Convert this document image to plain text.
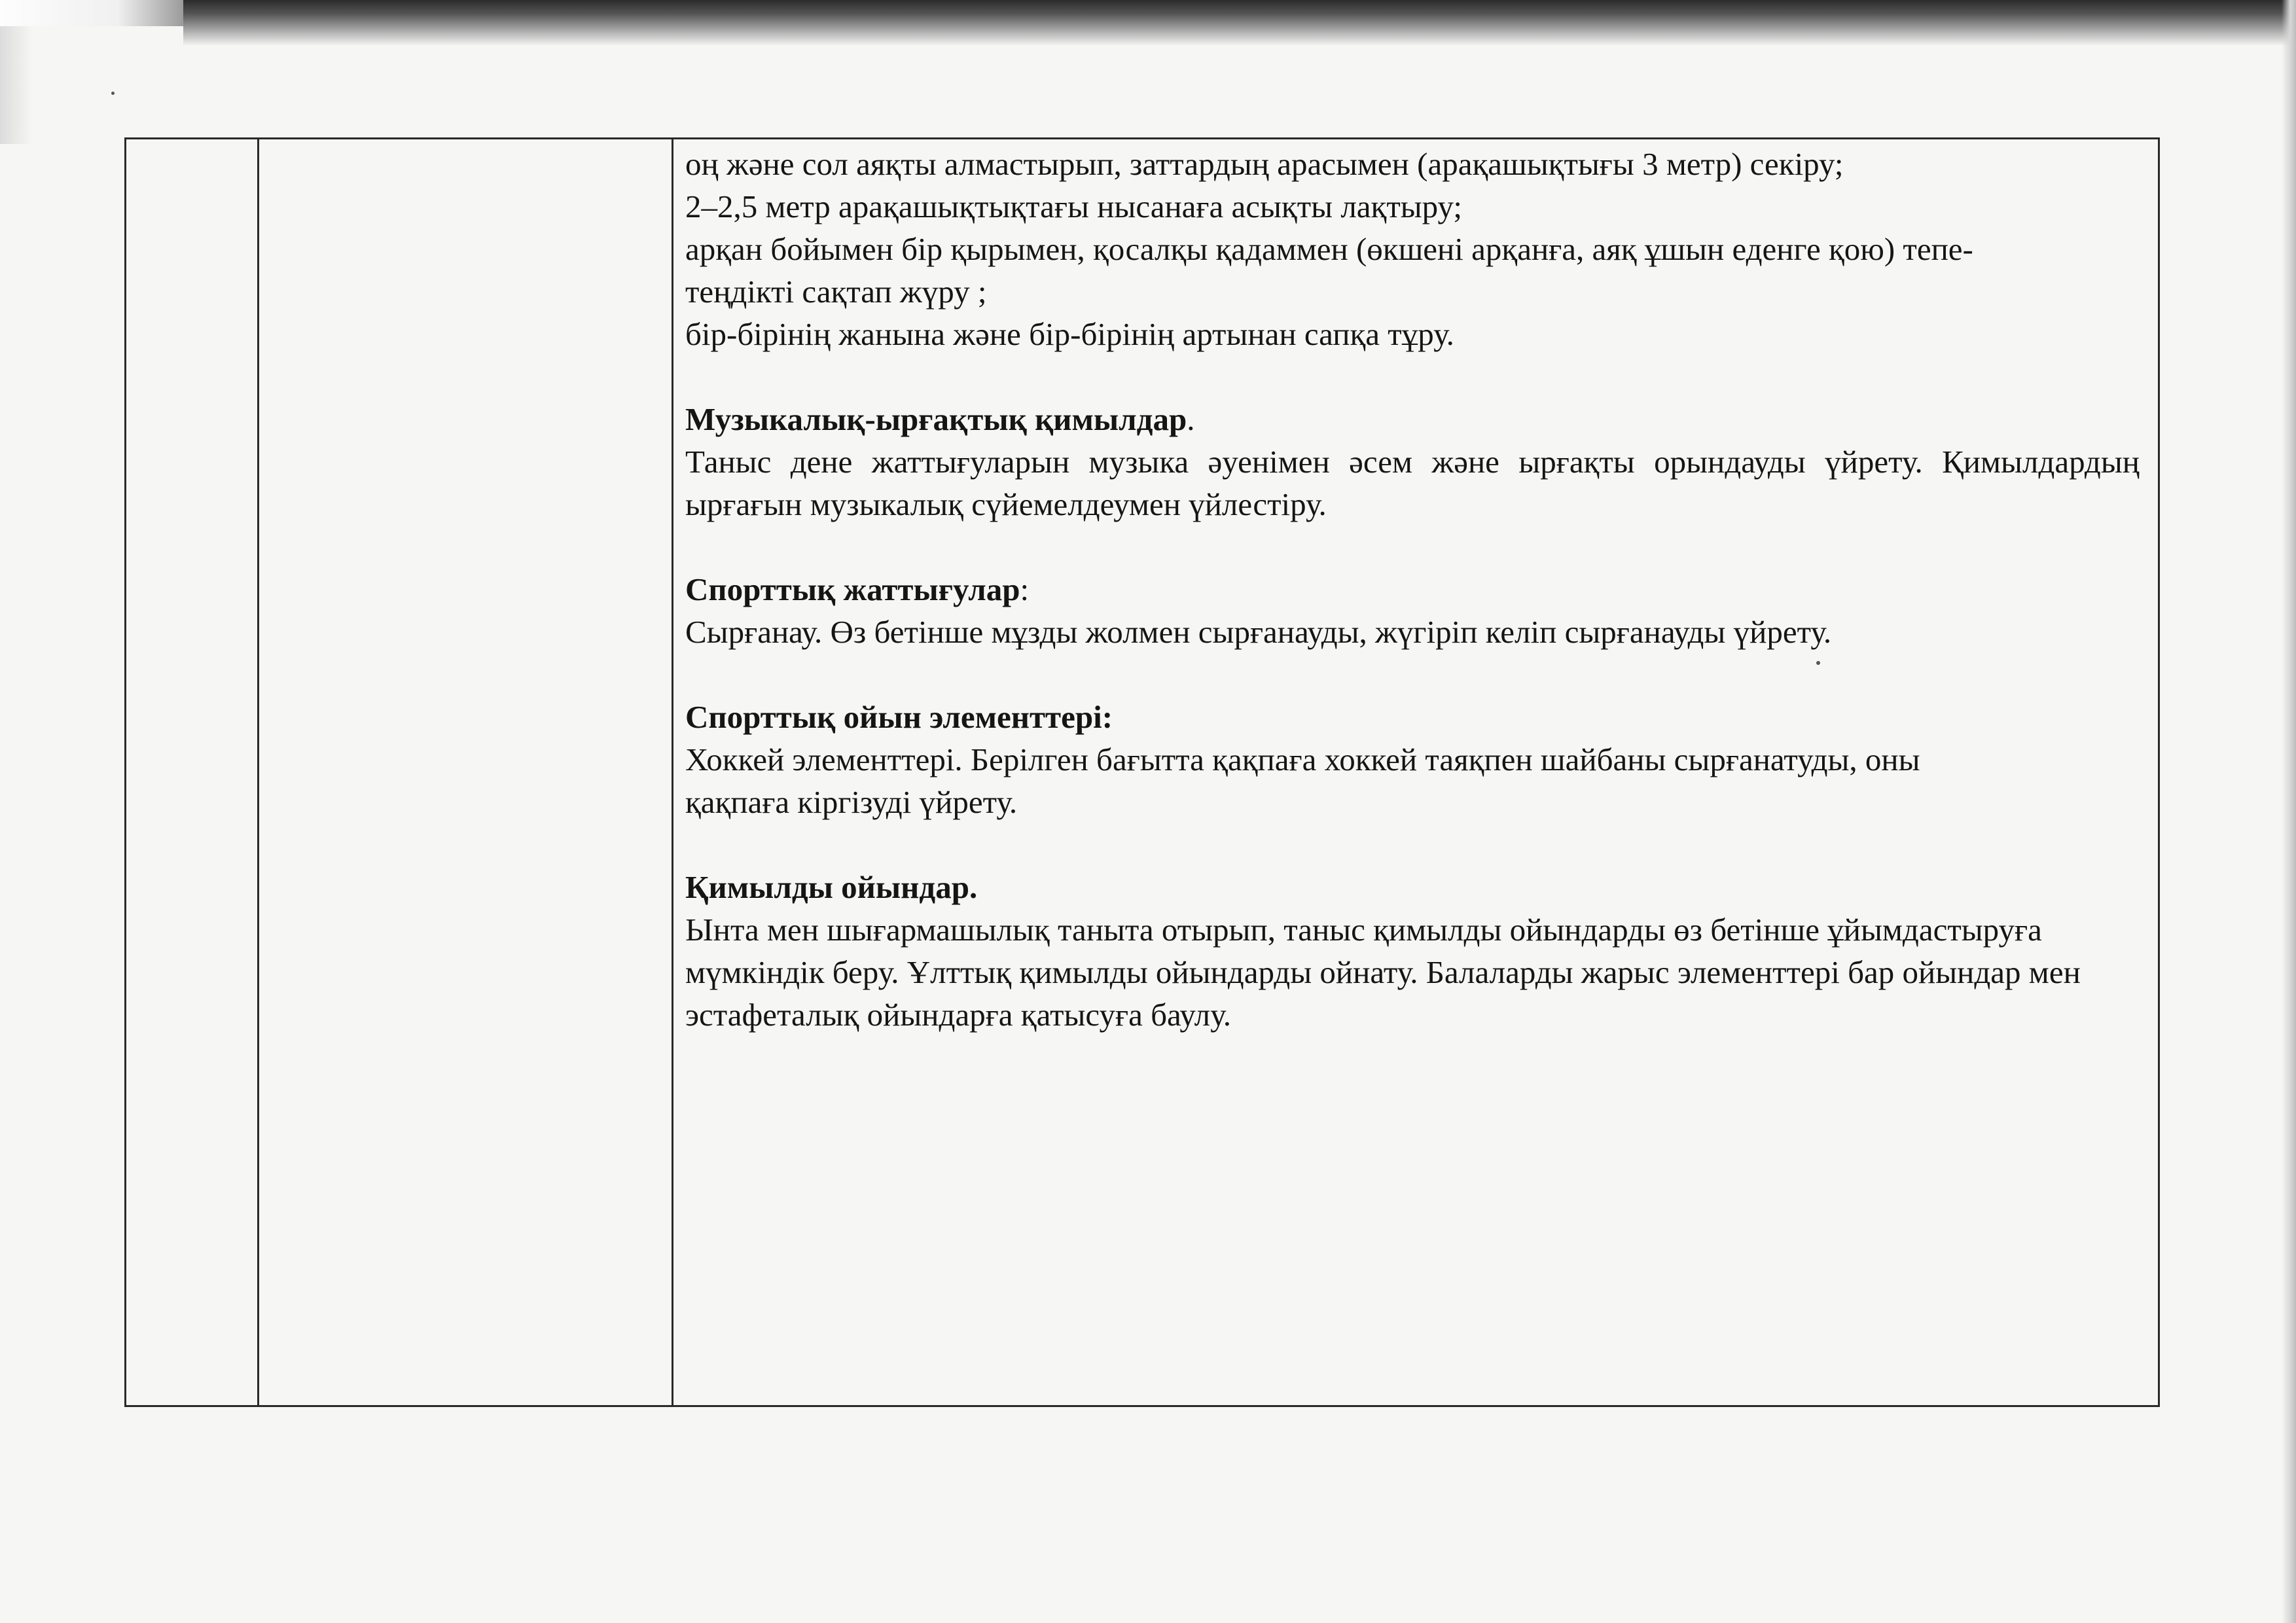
оң және сол аяқты алмастырып, заттардың арасымен (арақашықтығы 3 метр) секіру;

2–2,5 метр арақашықтықтағы нысанаға асықты лақтыру;

арқан бойымен бір қырымен, қосалқы қадаммен (өкшені арқанға, аяқ ұшын еденге қою) тепе-теңдікті сақтап жүру ;

бір-бірінің жанына және бір-бірінің артынан сапқа тұру.

Музыкалық-ырғақтық қимылдар.

Таныс дене жаттығуларын музыка әуенімен әсем және ырғақты орындауды үйрету. Қимылдардың ырғағын музыкалық сүйемелдеумен үйлестіру.

Спорттық жаттығулар:

Сырғанау. Өз бетінше мұзды жолмен сырғанауды, жүгіріп келіп сырғанауды үйрету.

Спорттық ойын элементтері:

Хоккей элементтері. Берілген бағытта қақпаға хоккей таяқпен шайбаны сырғанатуды, оны қақпаға кіргізуді үйрету.

Қимылды ойындар.

Ынта мен шығармашылық таныта отырып, таныс қимылды ойындарды өз бетінше ұйымдастыруға мүмкіндік беру. Ұлттық қимылды ойындарды ойнату. Балаларды жарыс элементтері бар ойындар мен эстафеталық ойындарға қатысуға баулу.
